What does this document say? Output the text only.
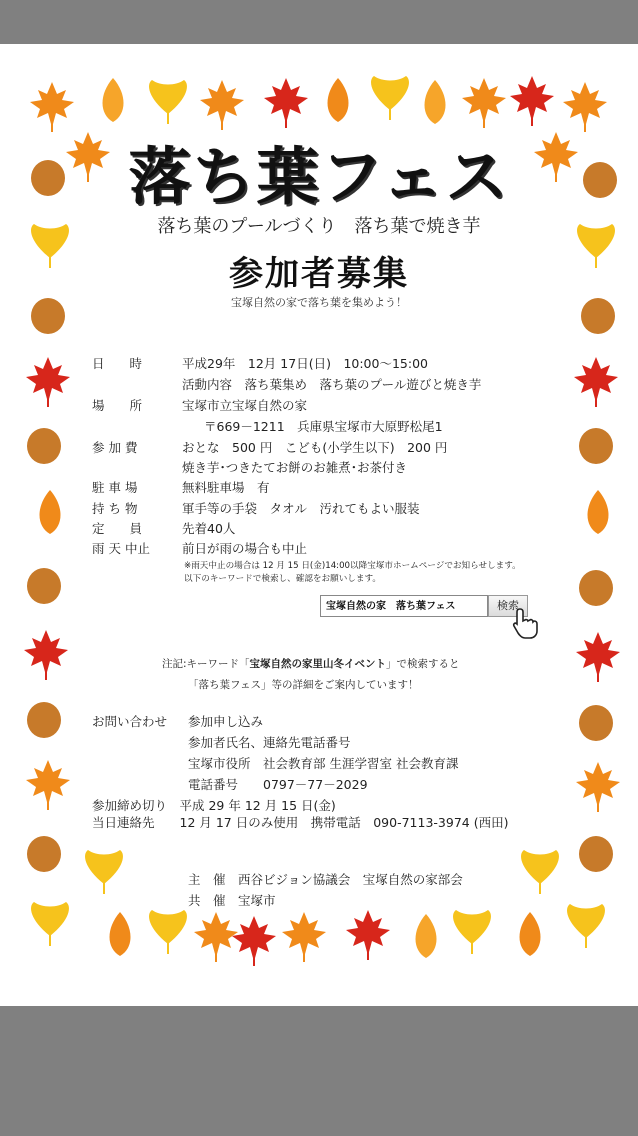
落ち葉フェス
落ち葉のプールづくり　落ち葉で焼き芋
参加者募集
宝塚自然の家で落ち葉を集めよう！
日　　時	平成29年　12月 17日(日)　10:00～15:00
活動内容　落ち葉集め　落ち葉のプール遊びと焼き芋
場　　所	宝塚市立宝塚自然の家
〒669－1211　兵庫県宝塚市大原野松尾1
参 加 費	おとな　500 円　こども(小学生以下)　200 円
焼き芋･つきたてお餅のお雑煮･お茶付き
駐 車 場	無料駐車場　有
持 ち 物	軍手等の手袋　タオル　汚れてもよい服装
定　　員	先着40人
雨 天 中止	前日が雨の場合も中止
※雨天中止の場合は 12 月 15 日(金)14:00以降宝塚市ホームページでお知らせします。
以下のキーワードで検索し、確認をお願いします。
宝塚自然の家　落ち葉フェス	検索
注記:キーワード「宝塚自然の家里山冬イベント」で検索すると
「落ち葉フェス」等の詳細をご案内しています！
お問い合わせ 参加申し込み
参加者氏名、連絡先電話番号
宝塚市役所　社会教育部 生涯学習室 社会教育課
電話番号　　0797－77－2029
参加締め切り　平成 29 年 12 月 15 日(金)
当日連絡先　　12 月 17 日のみ使用　携帯電話　090-7113-3974 (西田)
主　催　西谷ビジョン協議会　宝塚自然の家部会
共　催　宝塚市
